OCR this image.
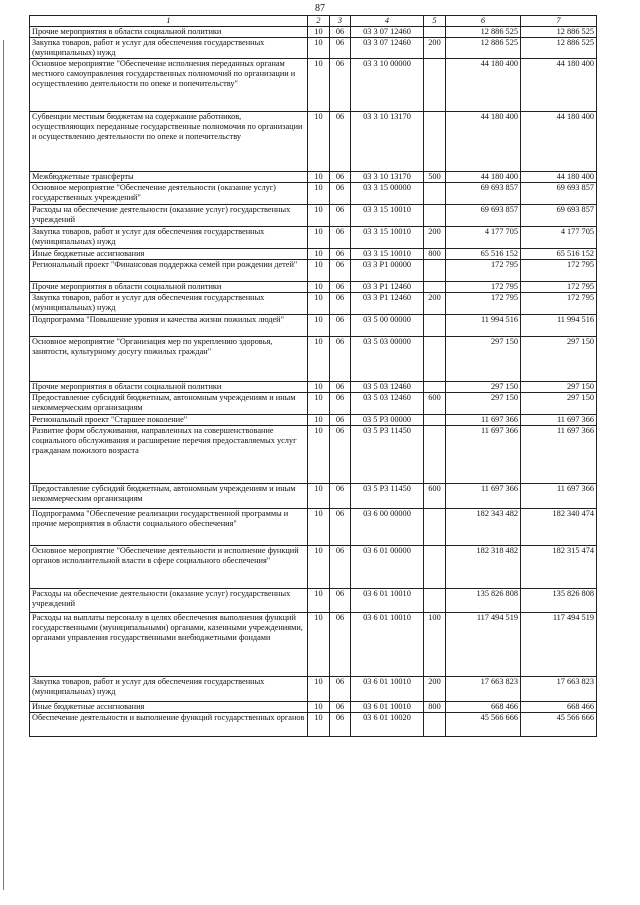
87
1	2	3	4	5	6	7
Прочие мероприятия в области социальной политики	10	06	03 3 07 12460		12 886 525	12 886 525
Закупка товаров, работ и услуг для обеспечения государственных (муниципальных) нужд	10	06	03 3 07 12460	200	12 886 525	12 886 525
Основное мероприятие "Обеспечение исполнения переданных органам местного самоуправления государственных полномочий по организации и осуществлению деятельности по опеке и попечительству"	10	06	03 3 10 00000		44 180 400	44 180 400
Субвенции местным бюджетам на содержание работников, осуществляющих переданные государственные полномочия по организации и осуществлению деятельности по опеке и попечительству	10	06	03 3 10 13170		44 180 400	44 180 400
Межбюджетные трансферты	10	06	03 3 10 13170	500	44 180 400	44 180 400
Основное мероприятие "Обеспечение деятельности (оказание услуг) государственных учреждений"	10	06	03 3 15 00000		69 693 857	69 693 857
Расходы на обеспечение деятельности (оказание услуг) государственных учреждений	10	06	03 3 15 10010		69 693 857	69 693 857
Закупка товаров, работ и услуг для обеспечения государственных (муниципальных) нужд	10	06	03 3 15 10010	200	4 177 705	4 177 705
Иные бюджетные ассигнования	10	06	03 3 15 10010	800	65 516 152	65 516 152
Региональный проект "Финансовая поддержка семей при рождении детей"	10	06	03 3 P1 00000		172 795	172 795
Прочие мероприятия в области социальной политики	10	06	03 3 P1 12460		172 795	172 795
Закупка товаров, работ и услуг для обеспечения государственных (муниципальных) нужд	10	06	03 3 P1 12460	200	172 795	172 795
Подпрограмма "Повышение уровня и качества жизни пожилых людей"	10	06	03 5 00 00000		11 994 516	11 994 516
Основное мероприятие "Организация мер по укреплению здоровья, занятости, культурному досугу пожилых граждан"	10	06	03 5 03 00000		297 150	297 150
Прочие мероприятия в области социальной политики	10	06	03 5 03 12460		297 150	297 150
Предоставление субсидий бюджетным, автономным учреждениям и иным некоммерческим организациям	10	06	03 5 03 12460	600	297 150	297 150
Региональный проект "Старшее поколение"	10	06	03 5 P3 00000		11 697 366	11 697 366
Развитие форм обслуживания, направленных на совершенствование социального обслуживания и расширение перечня предоставляемых услуг гражданам пожилого возраста	10	06	03 5 P3 11450		11 697 366	11 697 366
Предоставление субсидий бюджетным, автономным учреждениям и иным некоммерческим организациям	10	06	03 5 P3 11450	600	11 697 366	11 697 366
Подпрограмма "Обеспечение реализации государственной программы и прочие мероприятия в области социального обеспечения"	10	06	03 6 00 00000		182 343 482	182 340 474
Основное мероприятие "Обеспечение деятельности и исполнение функций органов исполнительной власти в сфере социального обеспечения"	10	06	03 6 01 00000		182 318 482	182 315 474
Расходы на обеспечение деятельности (оказание услуг) государственных учреждений	10	06	03 6 01 10010		135 826 808	135 826 808
Расходы на выплаты персоналу в целях обеспечения выполнения функций государственными (муниципальными) органами, казенными учреждениями, органами управления государственными внебюджетными фондами	10	06	03 6 01 10010	100	117 494 519	117 494 519
Закупка товаров, работ и услуг для обеспечения государственных (муниципальных) нужд	10	06	03 6 01 10010	200	17 663 823	17 663 823
Иные бюджетные ассигнования	10	06	03 6 01 10010	800	668 466	668 466
Обеспечение деятельности и выполнение функций государственных органов	10	06	03 6 01 10020		45 566 666	45 566 666
